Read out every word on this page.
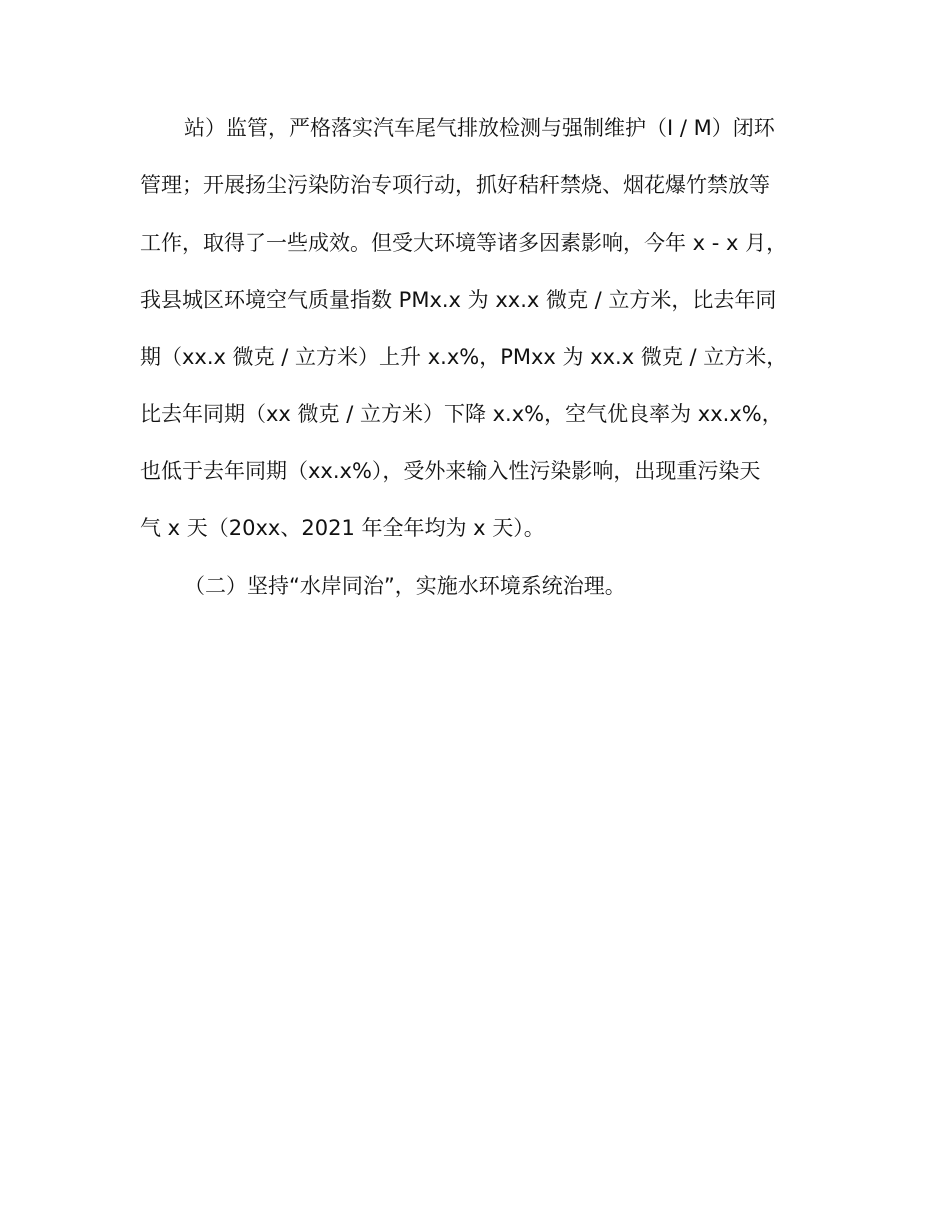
站）监管，严格落实汽车尾气排放检测与强制维护（I / M）闭环
管理；开展扬尘污染防治专项行动，抓好秸秆禁烧、烟花爆竹禁放等
工作，取得了一些成效。但受大环境等诸多因素影响，今年 x - x 月，
我县城区环境空气质量指数 PMx.x 为 xx.x 微克 / 立方米，比去年同
期（xx.x 微克 / 立方米）上升 x.x%，PMxx 为 xx.x 微克 / 立方米，
比去年同期（xx 微克 / 立方米）下降 x.x%，空气优良率为 xx.x%，
也低于去年同期（xx.x%），受外来输入性污染影响，出现重污染天
气 x 天（20xx、2021 年全年均为 x 天）。
（二）坚持“水岸同治”，实施水环境系统治理。
